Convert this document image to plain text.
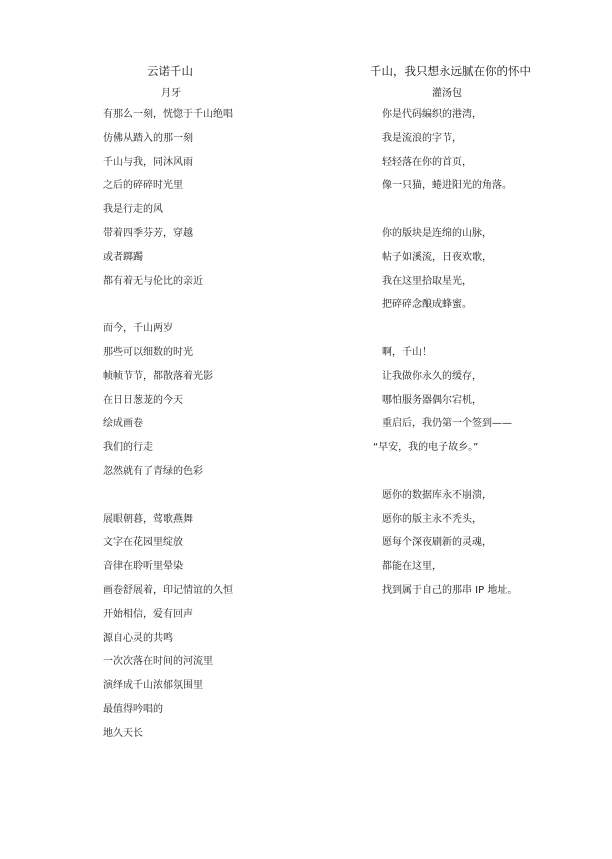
云诺千山
月牙
有那么一刻，恍惚于千山绝唱
仿佛从踏入的那一刻
千山与我，同沐风雨
之后的碎碎时光里
我是行走的风
带着四季芬芳，穿越
或者踯躅
都有着无与伦比的亲近
而今，千山两岁
那些可以细数的时光
帧帧节节，都散落着光影
在日日葱茏的今天
绘成画卷
我们的行走
忽然就有了青绿的色彩
展眼朝暮，莺歌燕舞
文字在花园里绽放
音律在聆听里晕染
画卷舒展着，印记情谊的久恒
开始相信，爱有回声
源自心灵的共鸣
一次次落在时间的河流里
演绎成千山浓郁氛围里
最值得吟唱的
地久天长
千山，我只想永远腻在你的怀中
灌汤包
你是代码编织的港湾，
我是流浪的字节，
轻轻落在你的首页，
像一只猫，蜷进阳光的角落。
你的版块是连绵的山脉，
帖子如溪流，日夜欢歌，
我在这里拾取星光，
把碎碎念酿成蜂蜜。
啊，千山！
让我做你永久的缓存，
哪怕服务器偶尔宕机，
重启后，我仍第一个签到——
“早安，我的电子故乡。”
愿你的数据库永不崩溃，
愿你的版主永不秃头，
愿每个深夜刷新的灵魂，
都能在这里，
找到属于自己的那串 IP 地址。
